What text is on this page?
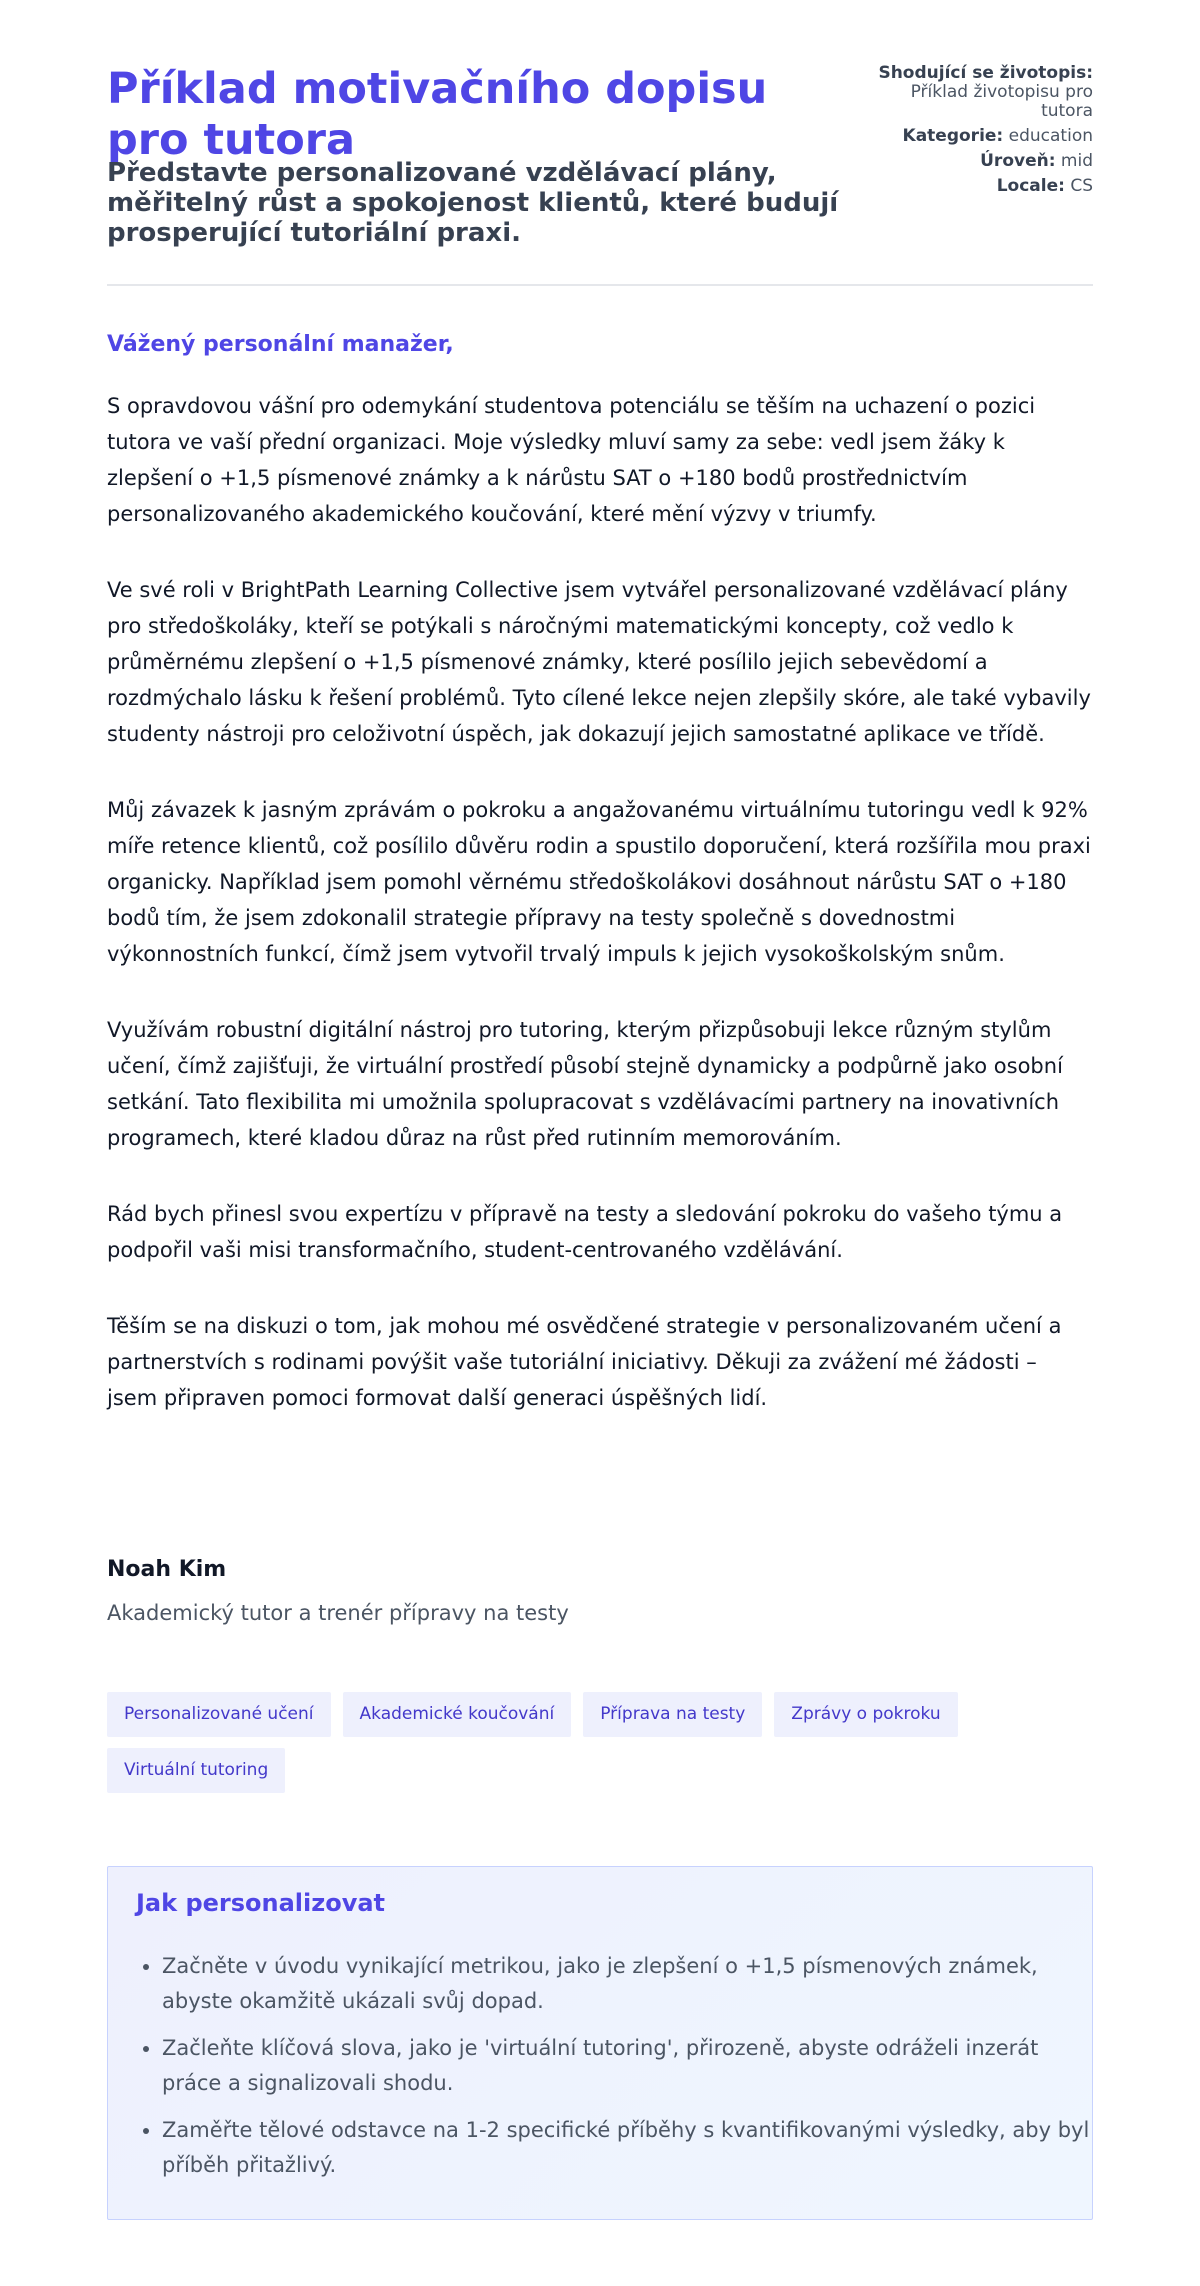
Příklad motivačního dopisu pro tutora
Představte personalizované vzdělávací plány, měřitelný růst a spokojenost klientů, které budují prosperující tutoriální praxi.
Shodující se životopis: Příklad životopisu pro tutora
Kategorie: education
Úroveň: mid
Locale: CS
Vážený personální manažer,

S opravdovou vášní pro odemykání studentova potenciálu se těším na uchazení o pozici tutora ve vaší přední organizaci. Moje výsledky mluví samy za sebe: vedl jsem žáky k zlepšení o +1,5 písmenové známky a k nárůstu SAT o +180 bodů prostřednictvím personalizovaného akademického koučování, které mění výzvy v triumfy.

Ve své roli v BrightPath Learning Collective jsem vytvářel personalizované vzdělávací plány pro středoškoláky, kteří se potýkali s náročnými matematickými koncepty, což vedlo k průměrnému zlepšení o +1,5 písmenové známky, které posílilo jejich sebevědomí a rozdmýchalo lásku k řešení problémů. Tyto cílené lekce nejen zlepšily skóre, ale také vybavily studenty nástroji pro celoživotní úspěch, jak dokazují jejich samostatné aplikace ve třídě.

Můj závazek k jasným zprávám o pokroku a angažovanému virtuálnímu tutoringu vedl k 92% míře retence klientů, což posílilo důvěru rodin a spustilo doporučení, která rozšířila mou praxi organicky. Například jsem pomohl věrnému středoškolákovi dosáhnout nárůstu SAT o +180 bodů tím, že jsem zdokonalil strategie přípravy na testy společně s dovednostmi výkonnostních funkcí, čímž jsem vytvořil trvalý impuls k jejich vysokoškolským snům.

Využívám robustní digitální nástroj pro tutoring, kterým přizpůsobuji lekce různým stylům učení, čímž zajišťuji, že virtuální prostředí působí stejně dynamicky a podpůrně jako osobní setkání. Tato flexibilita mi umožnila spolupracovat s vzdělávacími partnery na inovativních programech, které kladou důraz na růst před rutinním memorováním.

Rád bych přinesl svou expertízu v přípravě na testy a sledování pokroku do vašeho týmu a podpořil vaši misi transformačního, student-centrovaného vzdělávání.

Těším se na diskuzi o tom, jak mohou mé osvědčené strategie v personalizovaném učení a partnerstvích s rodinami povýšit vaše tutoriální iniciativy. Děkuji za zvážení mé žádosti – jsem připraven pomoci formovat další generaci úspěšných lidí.

Noah Kim
Akademický tutor a trenér přípravy na testy
Personalizované učení	Akademické koučování	Příprava na testy	Zprávy o pokroku
Virtuální tutoring
Jak personalizovat
• Začněte v úvodu vynikající metrikou, jako je zlepšení o +1,5 písmenových známek, abyste okamžitě ukázali svůj dopad.
• Začleňte klíčová slova, jako je 'virtuální tutoring', přirozeně, abyste odráželi inzerát práce a signalizovali shodu.
• Zaměřte tělové odstavce na 1-2 specifické příběhy s kvantifikovanými výsledky, aby byl příběh přitažlivý.
